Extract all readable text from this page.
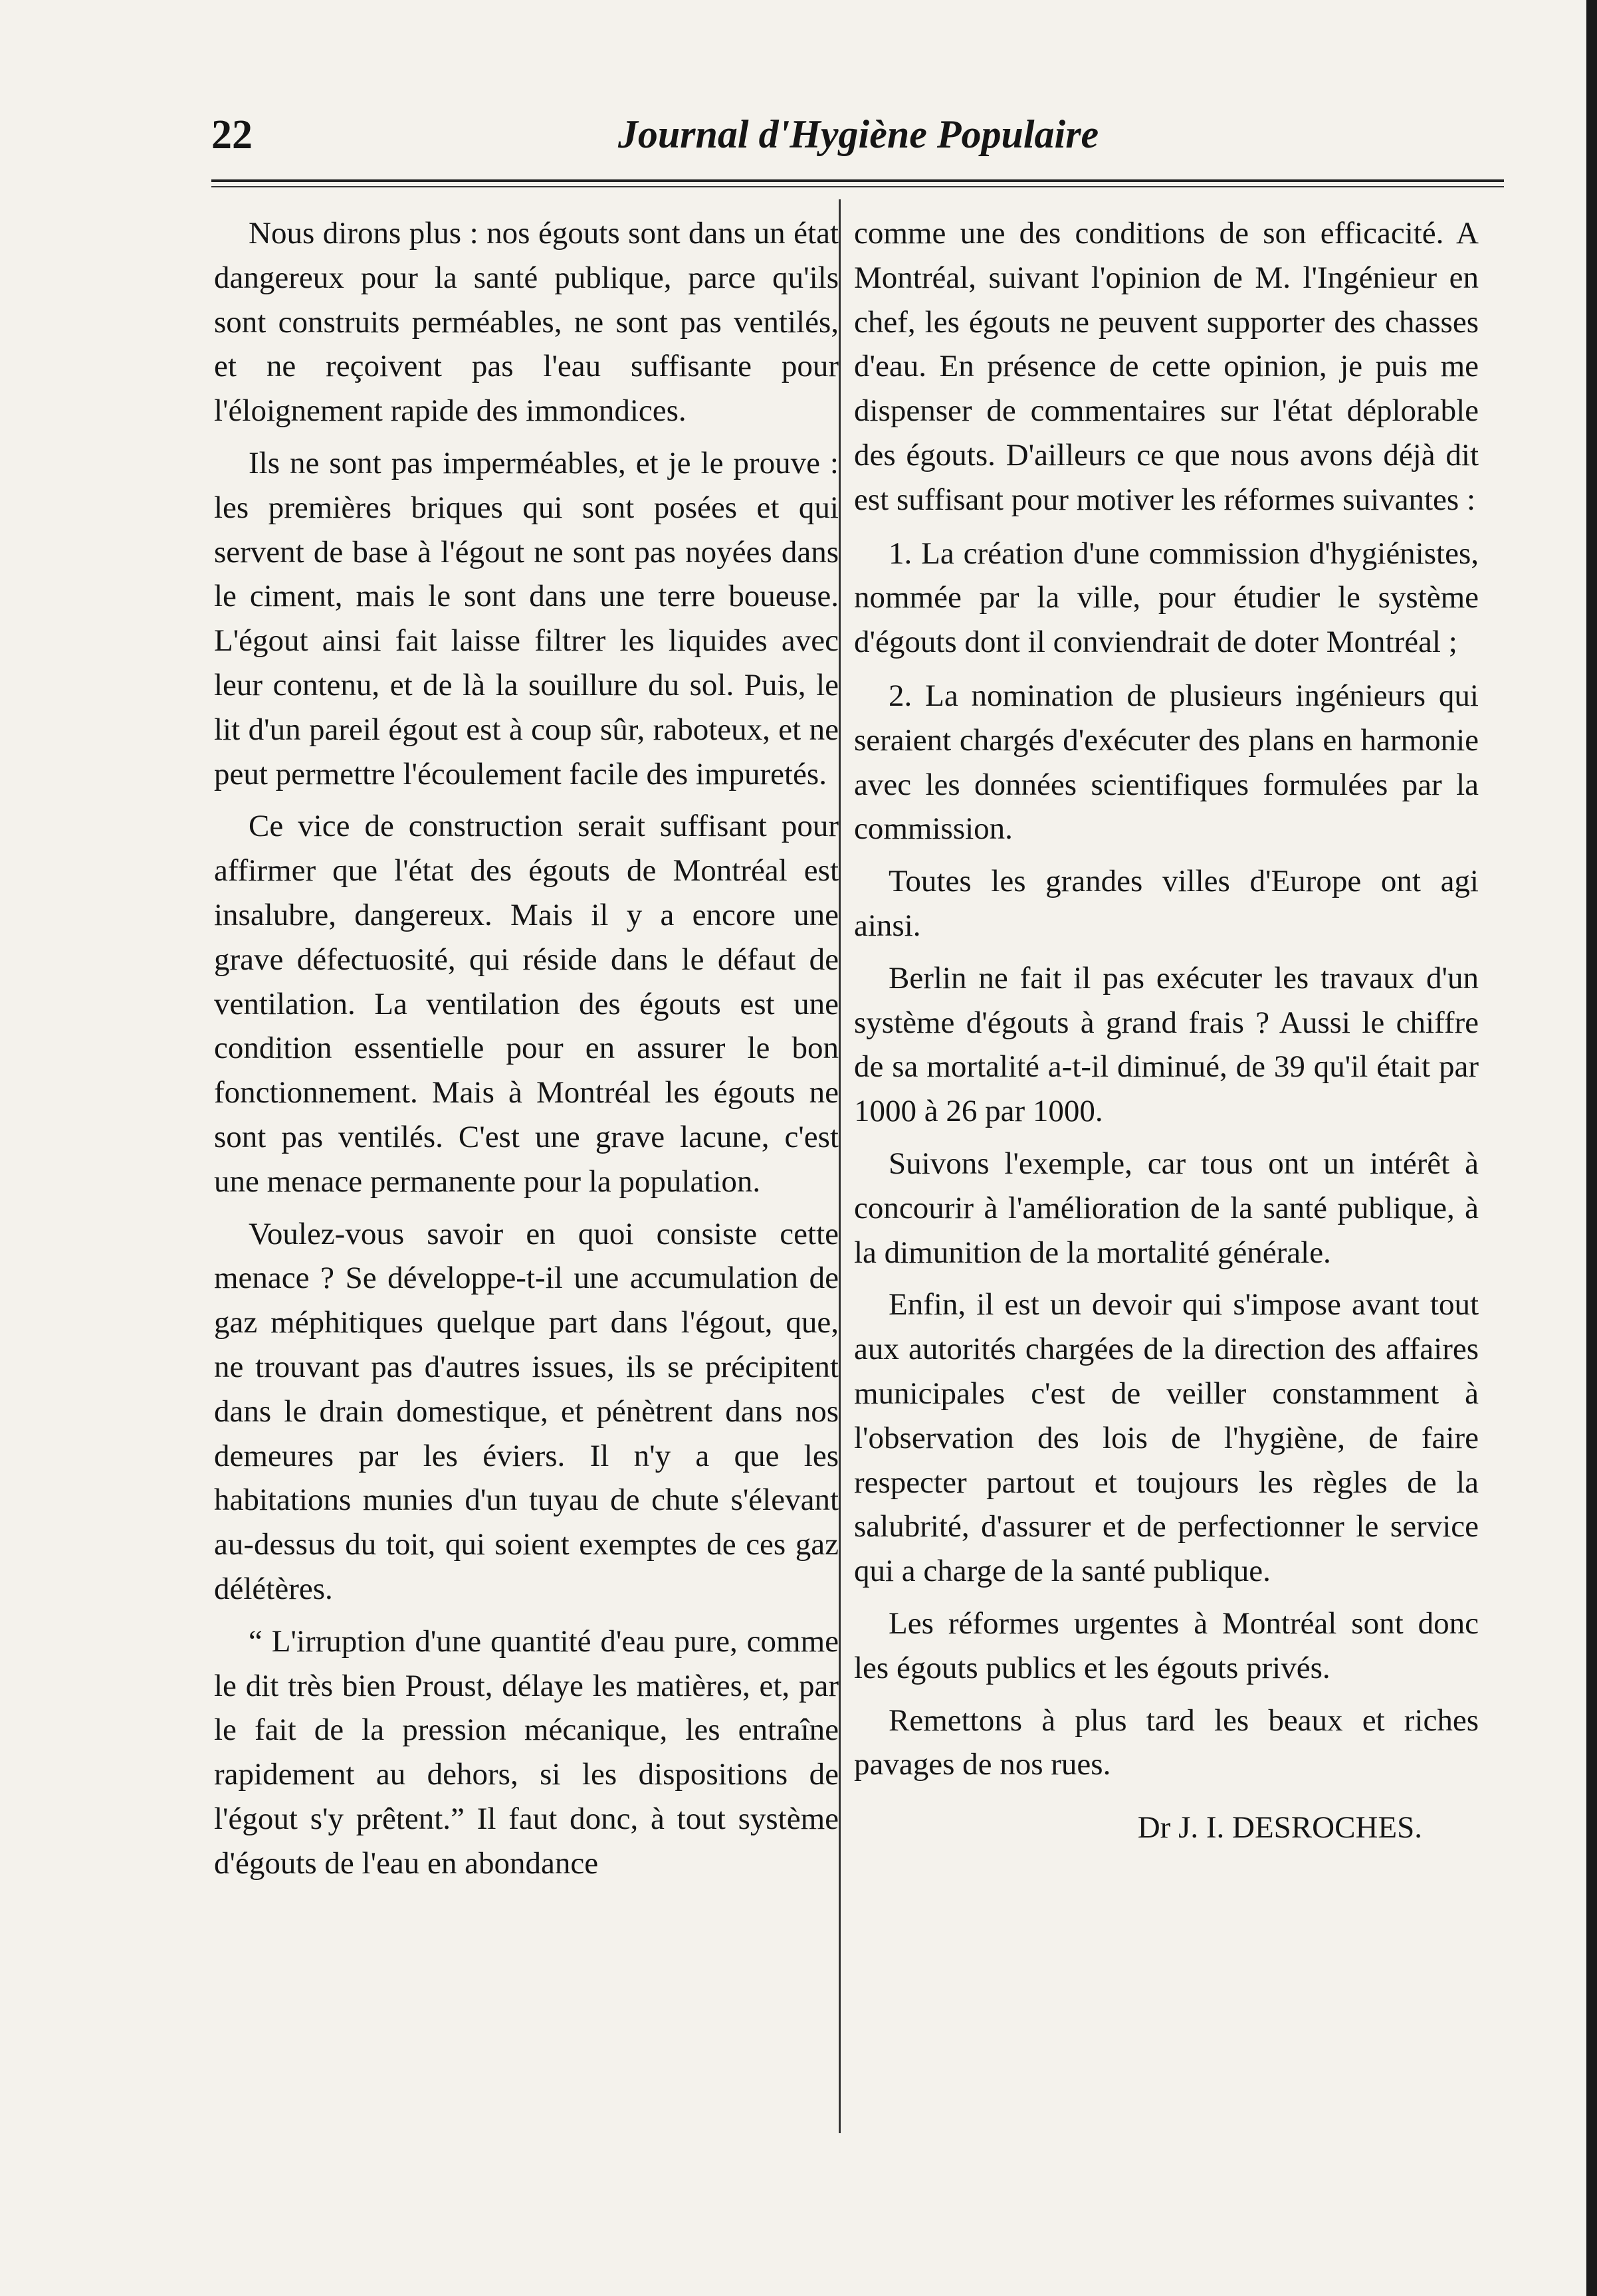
22	Journal d'Hygiène Populaire

Nous dirons plus : nos égouts sont dans un état dangereux pour la santé publique, parce qu'ils sont construits perméables, ne sont pas ventilés, et ne reçoivent pas l'eau suffisante pour l'éloignement rapide des immondices.

Ils ne sont pas imperméables, et je le prouve : les premières briques qui sont posées et qui servent de base à l'égout ne sont pas noyées dans le ciment, mais le sont dans une terre boueuse. L'égout ainsi fait laisse filtrer les liquides avec leur contenu, et de là la souillure du sol. Puis, le lit d'un pareil égout est à coup sûr, raboteux, et ne peut permettre l'écoulement facile des impuretés.

Ce vice de construction serait suffisant pour affirmer que l'état des égouts de Montréal est insalubre, dangereux. Mais il y a encore une grave défectuosité, qui réside dans le défaut de ventilation. La ventilation des égouts est une condition essentielle pour en assurer le bon fonctionnement. Mais à Montréal les égouts ne sont pas ventilés. C'est une grave lacune, c'est une menace permanente pour la population.

Voulez-vous savoir en quoi consiste cette menace ? Se développe-t-il une accumulation de gaz méphitiques quelque part dans l'égout, que, ne trouvant pas d'autres issues, ils se précipitent dans le drain domestique, et pénètrent dans nos demeures par les éviers. Il n'y a que les habitations munies d'un tuyau de chute s'élevant au-dessus du toit, qui soient exemptes de ces gaz délétères.

“ L'irruption d'une quantité d'eau pure, comme le dit très bien Proust, délaye les matières, et, par le fait de la pression mécanique, les entraîne rapidement au dehors, si les dispositions de l'égout s'y prêtent.” Il faut donc, à tout système d'égouts de l'eau en abondance

comme une des conditions de son efficacité. A Montréal, suivant l'opinion de M. l'Ingénieur en chef, les égouts ne peuvent supporter des chasses d'eau. En présence de cette opinion, je puis me dispenser de commentaires sur l'état déplorable des égouts. D'ailleurs ce que nous avons déjà dit est suffisant pour motiver les réformes suivantes :

1. La création d'une commission d'hygiénistes, nommée par la ville, pour étudier le système d'égouts dont il conviendrait de doter Montréal ;

2. La nomination de plusieurs ingénieurs qui seraient chargés d'exécuter des plans en harmonie avec les données scientifiques formulées par la commission.

Toutes les grandes villes d'Europe ont agi ainsi.

Berlin ne fait il pas exécuter les travaux d'un système d'égouts à grand frais ? Aussi le chiffre de sa mortalité a-t-il diminué, de 39 qu'il était par 1000 à 26 par 1000.

Suivons l'exemple, car tous ont un intérêt à concourir à l'amélioration de la santé publique, à la dimunition de la mortalité générale.

Enfin, il est un devoir qui s'impose avant tout aux autorités chargées de la direction des affaires municipales c'est de veiller constamment à l'observation des lois de l'hygiène, de faire respecter partout et toujours les règles de la salubrité, d'assurer et de perfectionner le service qui a charge de la santé publique.

Les réformes urgentes à Montréal sont donc les égouts publics et les égouts privés.

Remettons à plus tard les beaux et riches pavages de nos rues.

Dr J. I. DESROCHES.
